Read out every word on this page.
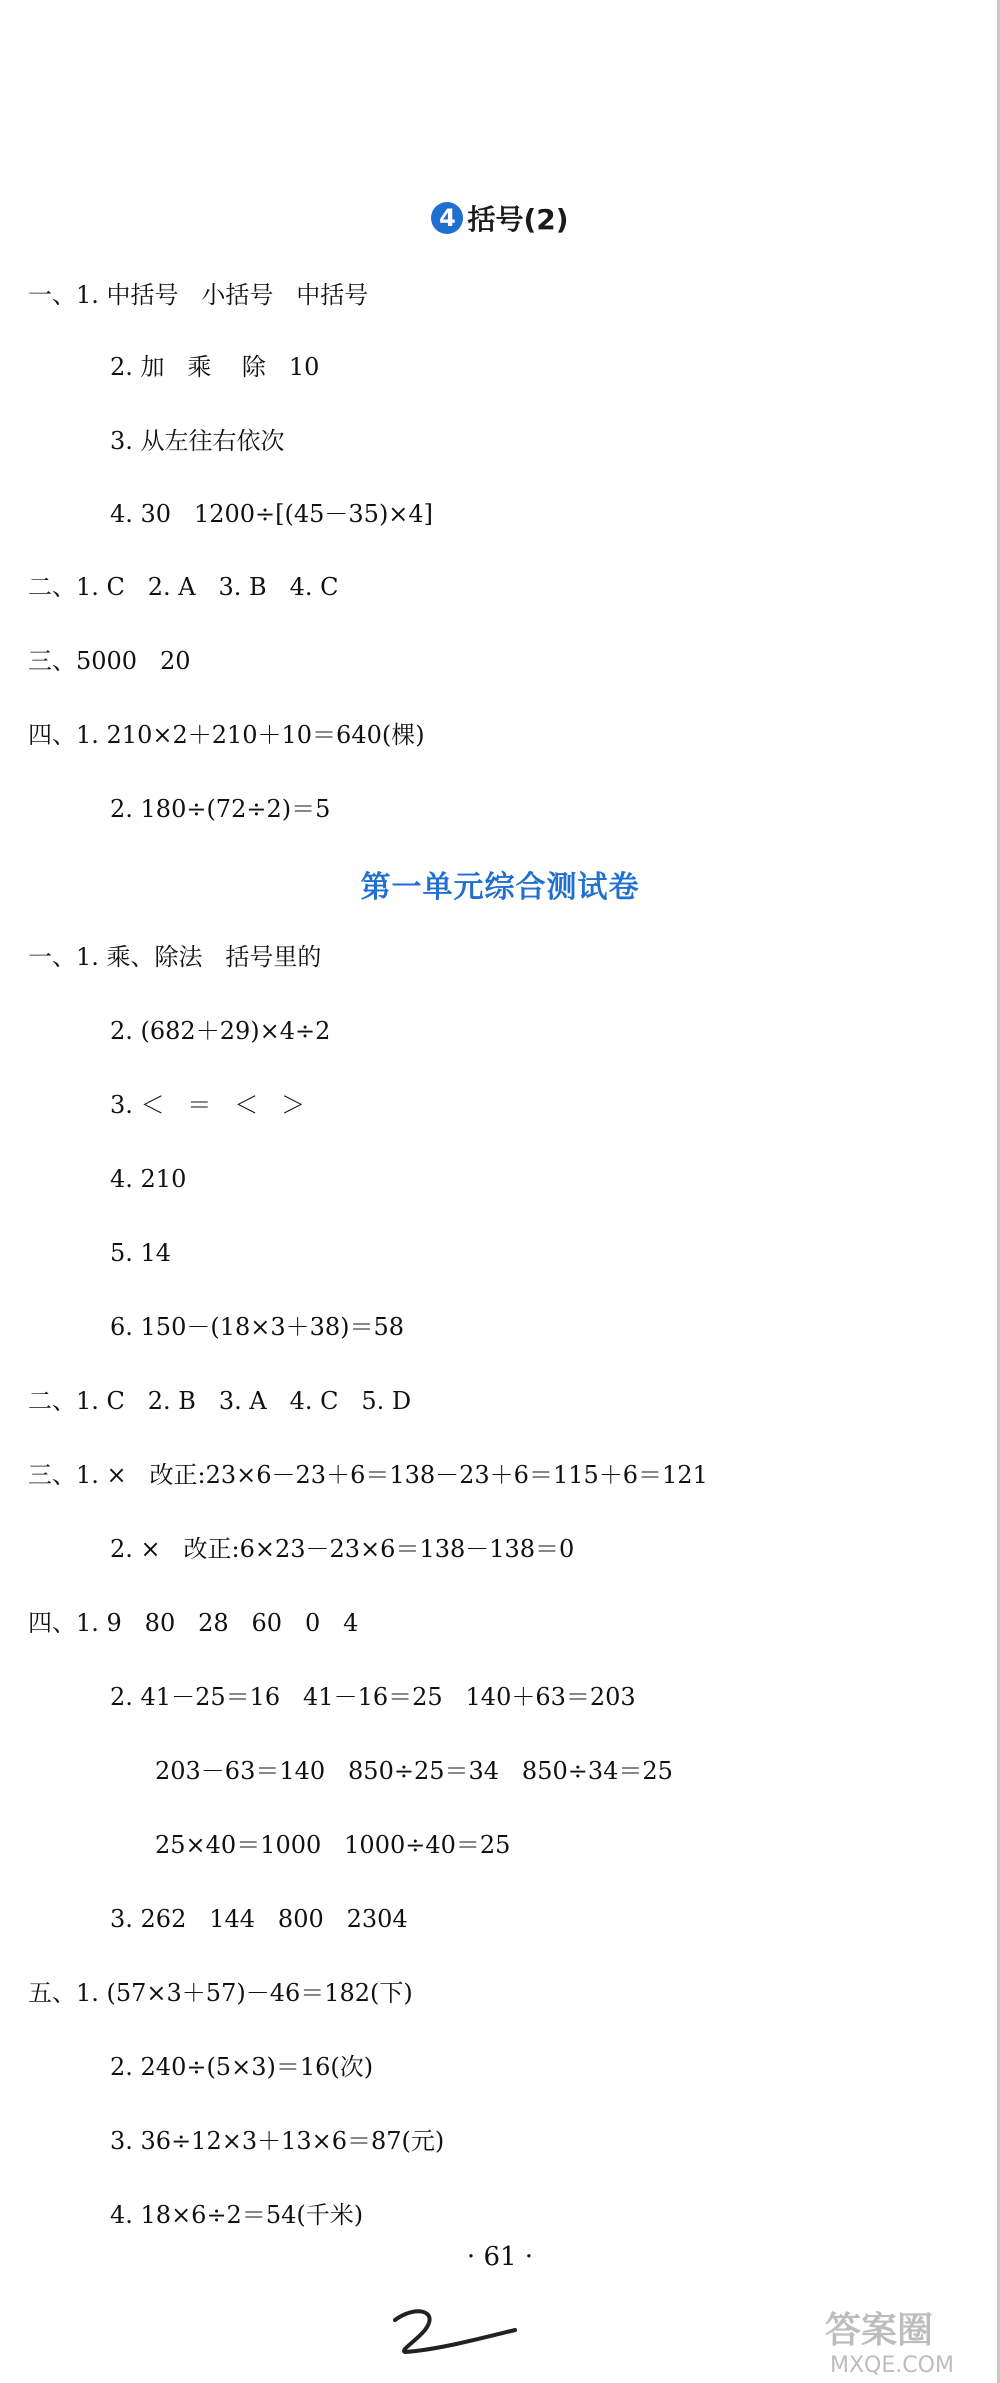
4 括号(2)
一、1. 中括号   小括号   中括号
2. 加   乘    除   10
3. 从左往右依次
4. 30   1200÷[(45－35)×4]
二、1. C   2. A   3. B   4. C
三、5000   20
四、1. 210×2＋210＋10＝640(棵)
2. 180÷(72÷2)＝5
第一单元综合测试卷
一、1. 乘、除法   括号里的
2. (682＋29)×4÷2
3. ＜   ＝   ＜   ＞
4. 210
5. 14
6. 150－(18×3＋38)＝58
二、1. C   2. B   3. A   4. C   5. D
三、1. ×   改正:23×6－23＋6＝138－23＋6＝115＋6＝121
2. ×   改正:6×23－23×6＝138－138＝0
四、1. 9   80   28   60   0   4
2. 41－25＝16   41－16＝25   140＋63＝203
203－63＝140   850÷25＝34   850÷34＝25
25×40＝1000   1000÷40＝25
3. 262   144   800   2304
五、1. (57×3＋57)－46＝182(下)
2. 240÷(5×3)＝16(次)
3. 36÷12×3＋13×6＝87(元)
4. 18×6÷2＝54(千米)
· 61 ·
答案圈
MXQE.COM
